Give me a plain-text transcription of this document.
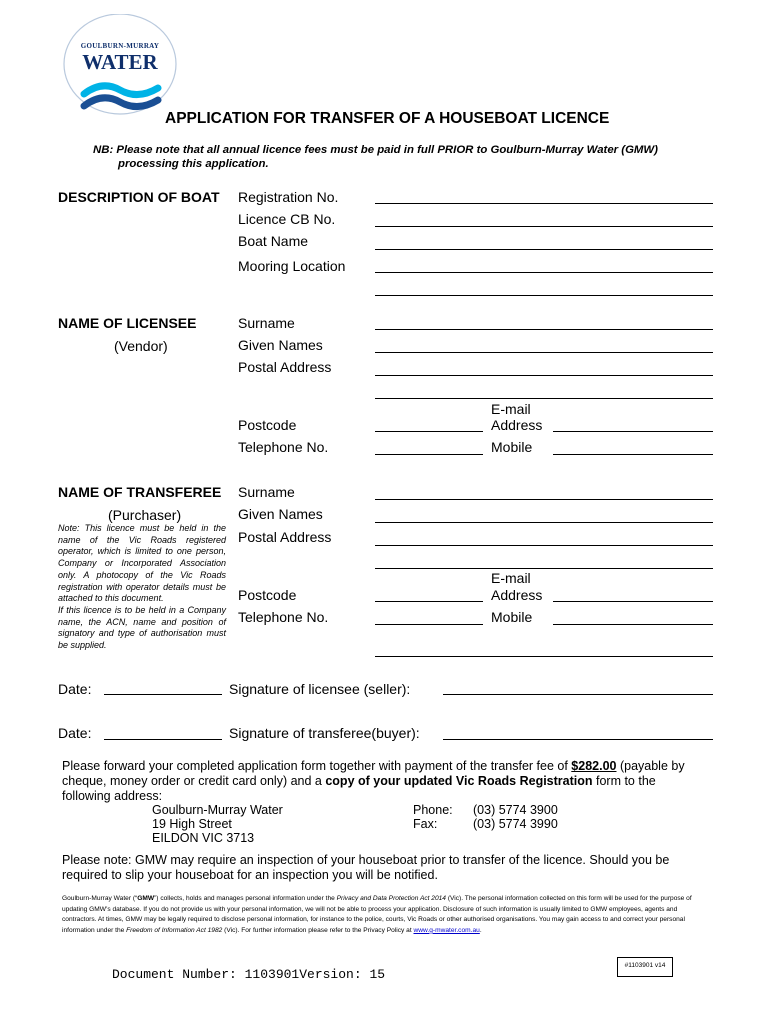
GOULBURN-MURRAY
WATER
APPLICATION FOR TRANSFER OF A HOUSEBOAT LICENCE
NB: Please note that all annual licence fees must be paid in full PRIOR to Goulburn-Murray Water (GMW)
processing this application.
DESCRIPTION OF BOAT Registration No.
Licence CB No.
Boat Name
Mooring Location
NAME OF LICENSEE
(Vendor)
Surname
Given Names
Postal Address
E-mail
Address
Postcode
Telephone No.	Mobile
NAME OF TRANSFEREE
(Purchaser)
Note: This licence must be held in the name of the Vic Roads registered operator, which is limited to one person, Company or Incorporated Association only. A photocopy of the Vic Roads registration with operator details must be attached to this document.
If this licence is to be held in a Company name, the ACN, name and position of signatory and type of authorisation must be supplied.
Surname
Given Names
Postal Address
E-mail
Address
Postcode
Telephone No.	Mobile
Date:	Signature of licensee (seller):
Date:	Signature of transferee(buyer):
Please forward your completed application form together with payment of the transfer fee of $282.00 (payable by cheque, money order or credit card only) and a copy of your updated Vic Roads Registration form to the following address:
Goulburn-Murray Water
19 High Street
EILDON VIC 3713
Phone: (03) 5774 3900
Fax:	(03) 5774 3990
Please note: GMW may require an inspection of your houseboat prior to transfer of the licence. Should you be required to slip your houseboat for an inspection you will be notified.
Goulburn-Murray Water (“GMW”) collects, holds and manages personal information under the Privacy and Data Protection Act 2014 (Vic). The personal information collected on this form will be used for the purpose of updating GMW’s database. If you do not provide us with your personal information, we will not be able to process your application. Disclosure of such information is usually limited to GMW employees, agents and contractors. At times, GMW may be legally required to disclose personal information, for instance to the police, courts, Vic Roads or other authorised organisations. You may gain access to and correct your personal information under the Freedom of Information Act 1982 (Vic). For further information please refer to the Privacy Policy at www.g-mwater.com.au.
Document Number: 1103901Version: 15
#1103901 v14
